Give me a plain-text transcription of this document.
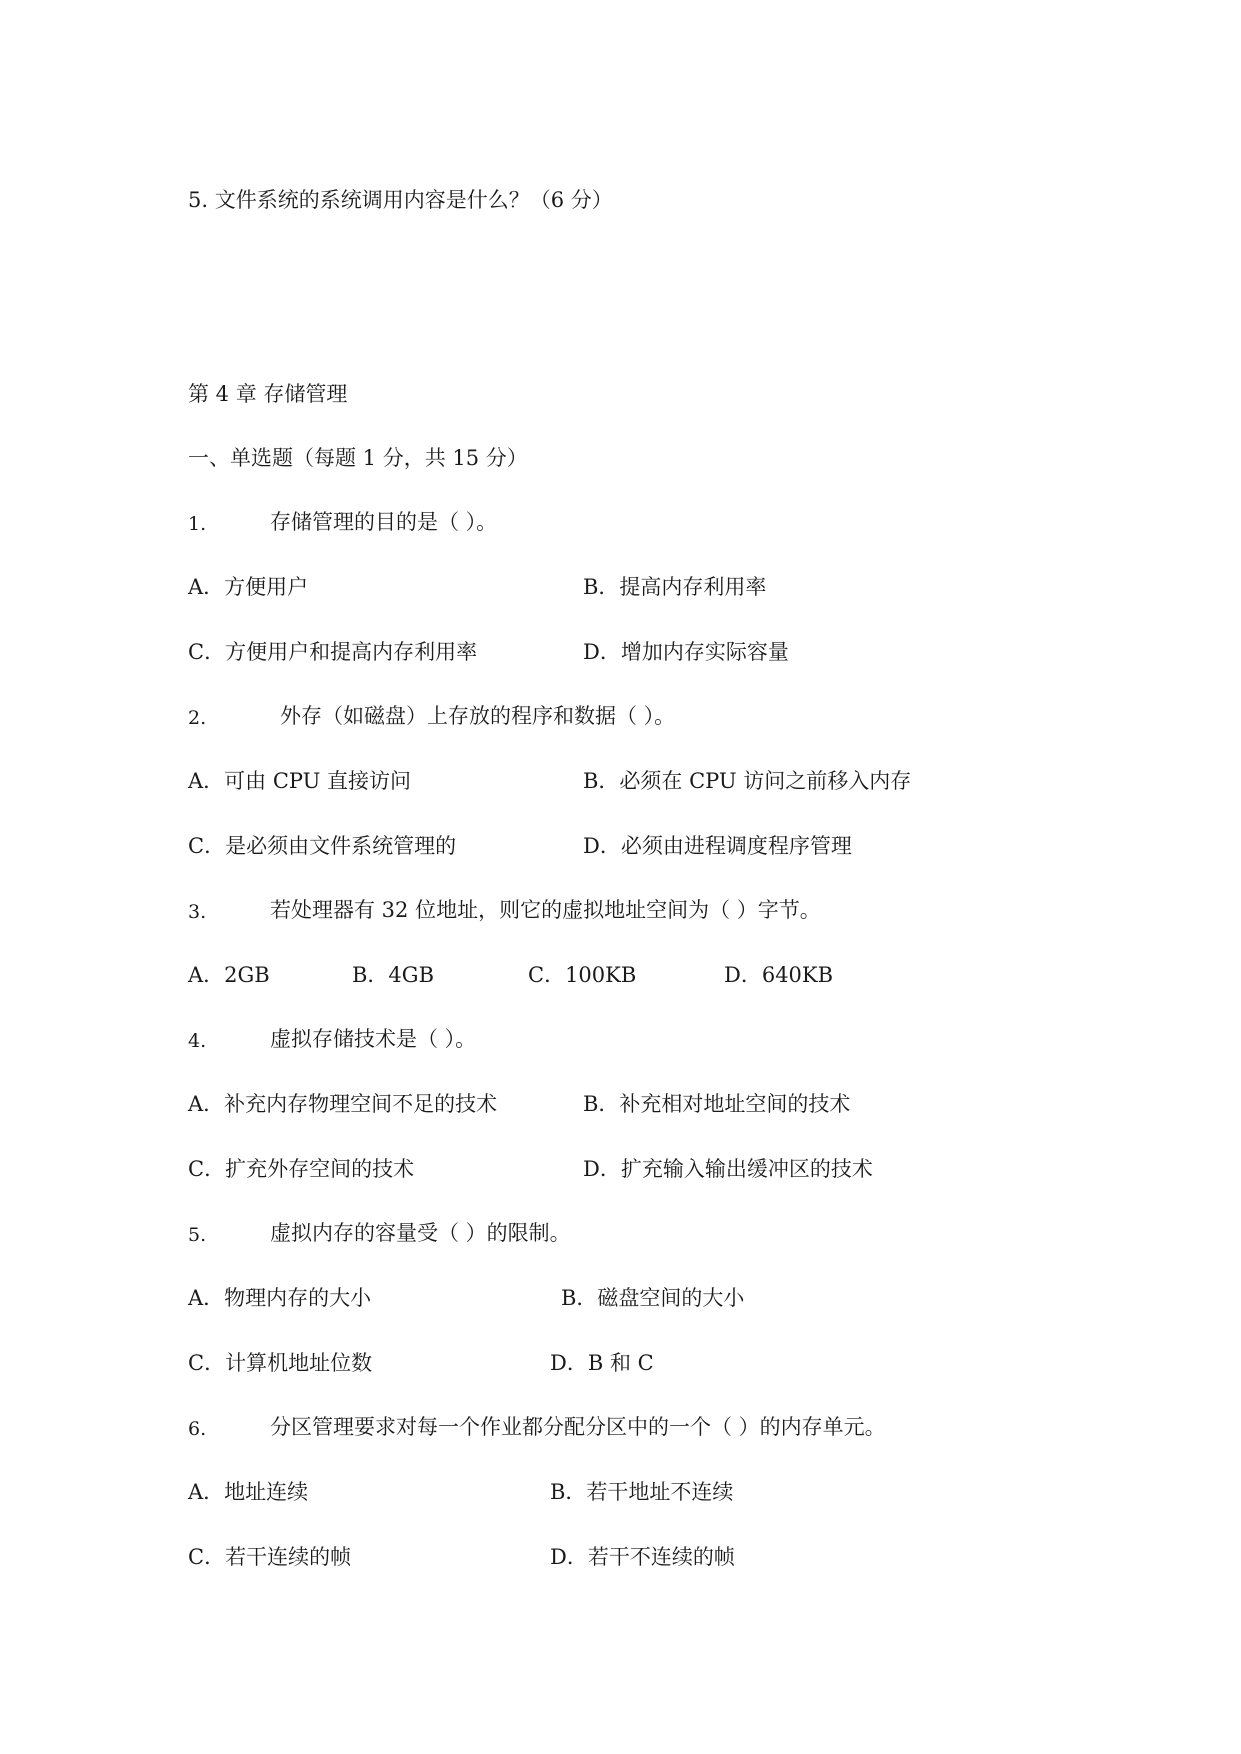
5. 文件系统的系统调用内容是什么？（6 分）
第 4 章 存储管理
一、单选题（每题 1 分，共 15 分）
1.	存储管理的目的是（ ）。
A．方便用户	B．提高内存利用率
C．方便用户和提高内存利用率	D．增加内存实际容量
2.	外存（如磁盘）上存放的程序和数据（ ）。
A．可由 CPU 直接访问	B．必须在 CPU 访问之前移入内存
C．是必须由文件系统管理的	D．必须由进程调度程序管理
3.	若处理器有 32 位地址，则它的虚拟地址空间为（ ）字节。
A．2GB	B．4GB	C．100KB	D．640KB
4.	虚拟存储技术是（ ）。
A．补充内存物理空间不足的技术	B．补充相对地址空间的技术
C．扩充外存空间的技术	D．扩充输入输出缓冲区的技术
5.	虚拟内存的容量受（ ）的限制。
A．物理内存的大小	B．磁盘空间的大小
C．计算机地址位数	D．B 和 C
6.	分区管理要求对每一个作业都分配分区中的一个（ ）的内存单元。
A．地址连续	B．若干地址不连续
C．若干连续的帧	D．若干不连续的帧
